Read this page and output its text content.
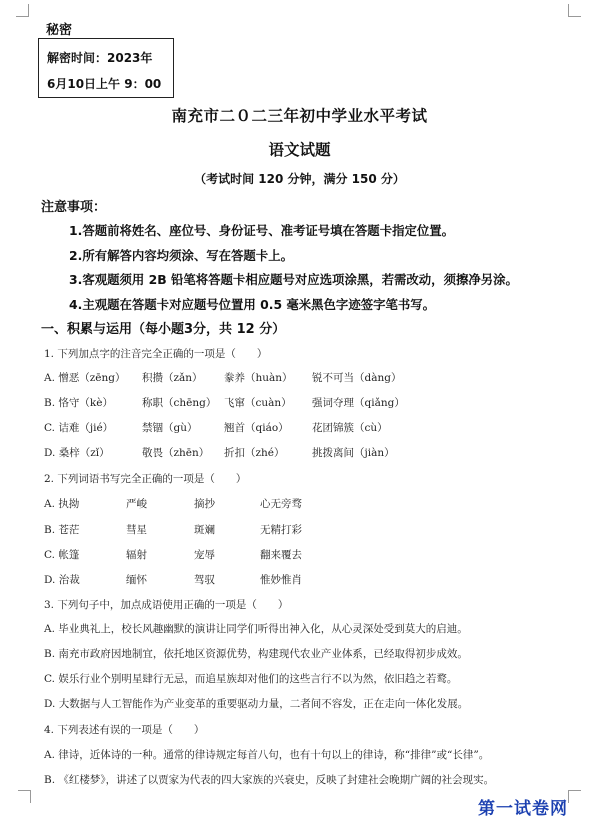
秘密
解密时间：2023年
6月10日上午 9：00
南充市二０二三年初中学业水平考试
语文试题
（考试时间 120 分钟，满分 150 分）
注意事项：
1.答题前将姓名、座位号、身份证号、准考证号填在答题卡指定位置。
2.所有解答内容均须涂、写在答题卡上。
3.客观题须用 2B 铅笔将答题卡相应题号对应选项涂黑，若需改动，须擦净另涂。
4.主观题在答题卡对应题号位置用 0.5 毫米黑色字迹签字笔书写。
一、积累与运用（每小题3分，共 12 分）
1. 下列加点字的注音完全正确的一项是（　　）
A. 憎恶（zēng） 积攒（zǎn） 豢养（huàn） 锐不可当（dàng）
B. 恪守（kè）	称职（chēng） 飞窜（cuàn） 强词夺理（qiǎng）
C. 诘难（jié）	禁锢（gù）	翘首（qiáo） 花团锦簇（cù）
D. 桑梓（zǐ）	敬畏（zhēn） 折扣（zhé）	挑拨离间（jiàn）
2. 下列词语书写完全正确的一项是（　　）
A. 执拗	严峻	摘抄	心无旁骛
B. 苍茫	彗星	斑斓	无精打彩
C. 帐篷	辐射	宠辱	翻来覆去
D. 治裁	缅怀	驾驭	惟妙惟肖
3. 下列句子中，加点成语使用正确的一项是（　　）
A. 毕业典礼上，校长风趣幽默的演讲让同学们听得出神入化，从心灵深处受到莫大的启迪。
B. 南充市政府因地制宜，依托地区资源优势，构建现代农业产业体系，已经取得初步成效。
C. 娱乐行业个别明星肆行无忌，而追星族却对他们的这些言行不以为然，依旧趋之若鹜。
D. 大数据与人工智能作为产业变革的重要驱动力量，二者间不容发，正在走向一体化发展。
4. 下列表述有误的一项是（　　）
A. 律诗，近体诗的一种。通常的律诗规定每首八句，也有十句以上的律诗，称“排律”或“长律”。
B. 《红楼梦》，讲述了以贾家为代表的四大家族的兴衰史，反映了封建社会晚期广阔的社会现实。
第一试卷网
